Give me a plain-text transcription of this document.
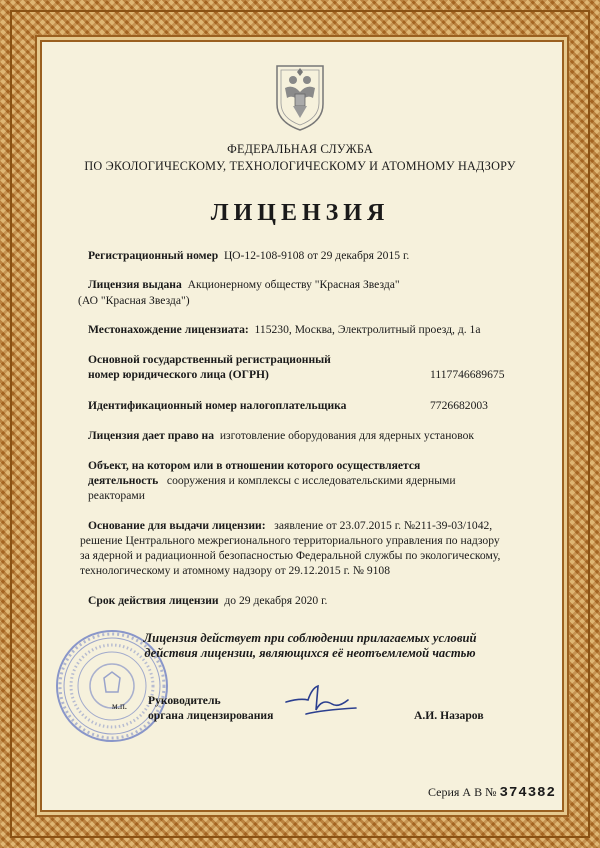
ФЕДЕРАЛЬНАЯ СЛУЖБА
ПО ЭКОЛОГИЧЕСКОМУ, ТЕХНОЛОГИЧЕСКОМУ И АТОМНОМУ НАДЗОРУ
ЛИЦЕНЗИЯ
Регистрационный номер ЦО-12-108-9108 от 29 декабря 2015 г.
Лицензия выдана Акционерному обществу "Красная Звезда"
(АО "Красная Звезда")
Местонахождение лицензиата: 115230, Москва, Электролитный проезд, д. 1а
Основной государственный регистрационный
номер юридического лица (ОГРН)	1117746689675
Идентификационный номер налогоплательщика	7726682003
Лицензия дает право на изготовление оборудования для ядерных установок
Объект, на котором или в отношении которого осуществляется
деятельность сооружения и комплексы с исследовательскими ядерными
реакторами
Основание для выдачи лицензии: заявление от 23.07.2015 г. №211-39-03/1042,
решение Центрального межрегионального территориального управления по надзору
за ядерной и радиационной безопасностью Федеральной службы по экологическому,
технологическому и атомному надзору от 29.12.2015 г. № 9108
Срок действия лицензии до 29 декабря 2020 г.
Лицензия действует при соблюдении прилагаемых условий
действия лицензии, являющихся её неотъемлемой частью
м.п. Руководитель
органа лицензирования	А.И. Назаров
Серия А В № 374382
